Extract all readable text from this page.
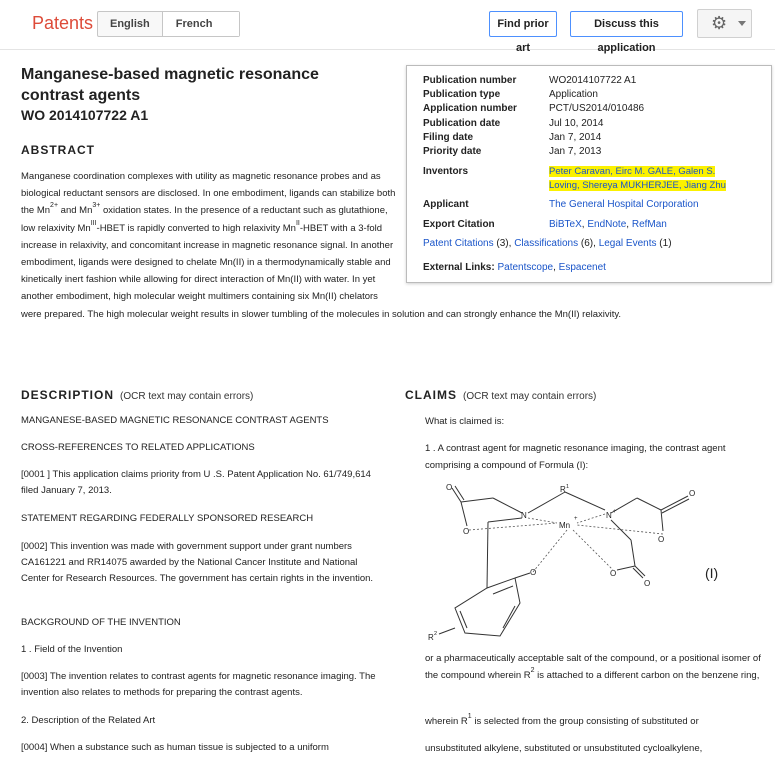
Patents	English	French	Find prior art
Discuss this application
⚙
Manganese-based magnetic resonance contrast agents
WO 2014107722 A1
ABSTRACT
Manganese coordination complexes with utility as magnetic resonance probes and as biological reductant sensors are disclosed. In one embodiment, ligands can stabilize both the $Mn^{2+}$ and $Mn^{3+}$ oxidation states. In the presence of a reductant such as glutathione, low relaxivity $Mn^{III}$-HBET is rapidly converted to high relaxivity $Mn^{II}$-HBET with a 3-fold increase in relaxivity, and concomitant increase in magnetic resonance signal. In another embodiment, ligands were designed to chelate Mn(II) in a thermodynamically stable and kinetically inert fashion while allowing for direct interaction of Mn(II) with water. In yet another embodiment, high molecular weight multimers containing six Mn(II) chelators were prepared. The high molecular weight results in slower tumbling of the molecules in solution and can strongly enhance the Mn(II) relaxivity.
Publication number	WO2014107722 A1
Publication type	Application
Application number	PCT/US2014/010486
Publication date	Jul 10, 2014
Filing date	Jan 7, 2014
Priority date	Jan 7, 2013
Inventors	Peter Caravan, Eirc M. GALE, Galen S.
Loving, Shereya MUKHERJEE, Jiang Zhu
Applicant	The General Hospital Corporation
Export Citation	BiBTeX, EndNote, RefMan
Patent Citations (3), Classifications (6), Legal Events (1)
External Links: Patentscope, Espacenet
DESCRIPTION (OCR text may contain errors)
MANGANESE-BASED MAGNETIC RESONANCE CONTRAST AGENTS
CROSS-REFERENCES TO RELATED APPLICATIONS
[0001 ] This application claims priority from U .S. Patent Application No. 61/749,614 filed January 7, 2013.
STATEMENT REGARDING FEDERALLY SPONSORED RESEARCH
[0002] This invention was made with government support under grant numbers CA161221 and RR14075 awarded by the National Cancer Institute and National Center for Research Resources. The government has certain rights in the invention.
BACKGROUND OF THE INVENTION
1 . Field of the Invention
[0003] The invention relates to contrast agents for magnetic resonance imaging. The invention also relates to methods for preparing the contrast agents.
2. Description of the Related Art
[0004] When a substance such as human tissue is subjected to a uniform
CLAIMS (OCR text may contain errors)
What is claimed is:
1 . A contrast agent for magnetic resonance imaging, the contrast agent comprising a compound of Formula (I):
O
O
N	N +
Mn
+
R 1
O
O
O
O
O
R 2
(I)
or a pharmaceutically acceptable salt of the compound, or a positional isomer of the compound wherein $R^2$ is attached to a different carbon on the benzene ring,
wherein $R^1$ is selected from the group consisting of substituted or
unsubstituted alkylene, substituted or unsubstituted cycloalkylene,
